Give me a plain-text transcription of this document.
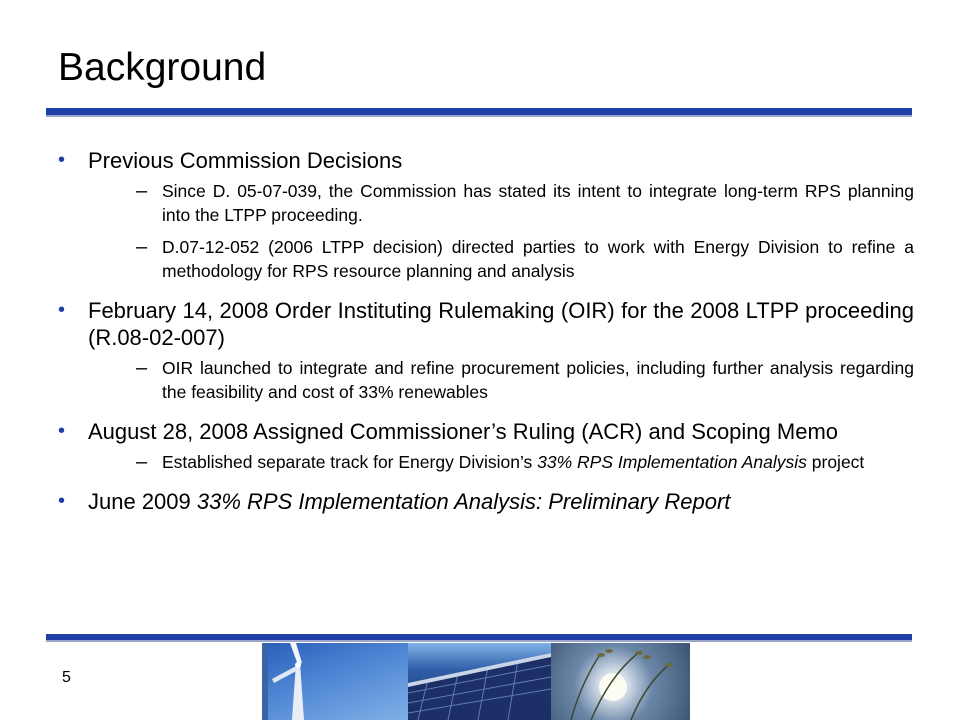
Background
• Previous Commission Decisions
– Since D. 05-07-039, the Commission has stated its intent to integrate long-term RPS planning into the LTPP proceeding.
– D.07-12-052 (2006 LTPP decision) directed parties to work with Energy Division to refine a methodology for RPS resource planning and analysis
• February 14, 2008 Order Instituting Rulemaking (OIR) for the 2008 LTPP proceeding (R.08-02-007)
– OIR launched to integrate and refine procurement policies, including further analysis regarding the feasibility and cost of 33% renewables
• August 28, 2008 Assigned Commissioner’s Ruling (ACR) and Scoping Memo
– Established separate track for Energy Division’s 33% RPS Implementation Analysis project
• June 2009 33% RPS Implementation Analysis: Preliminary Report
5
